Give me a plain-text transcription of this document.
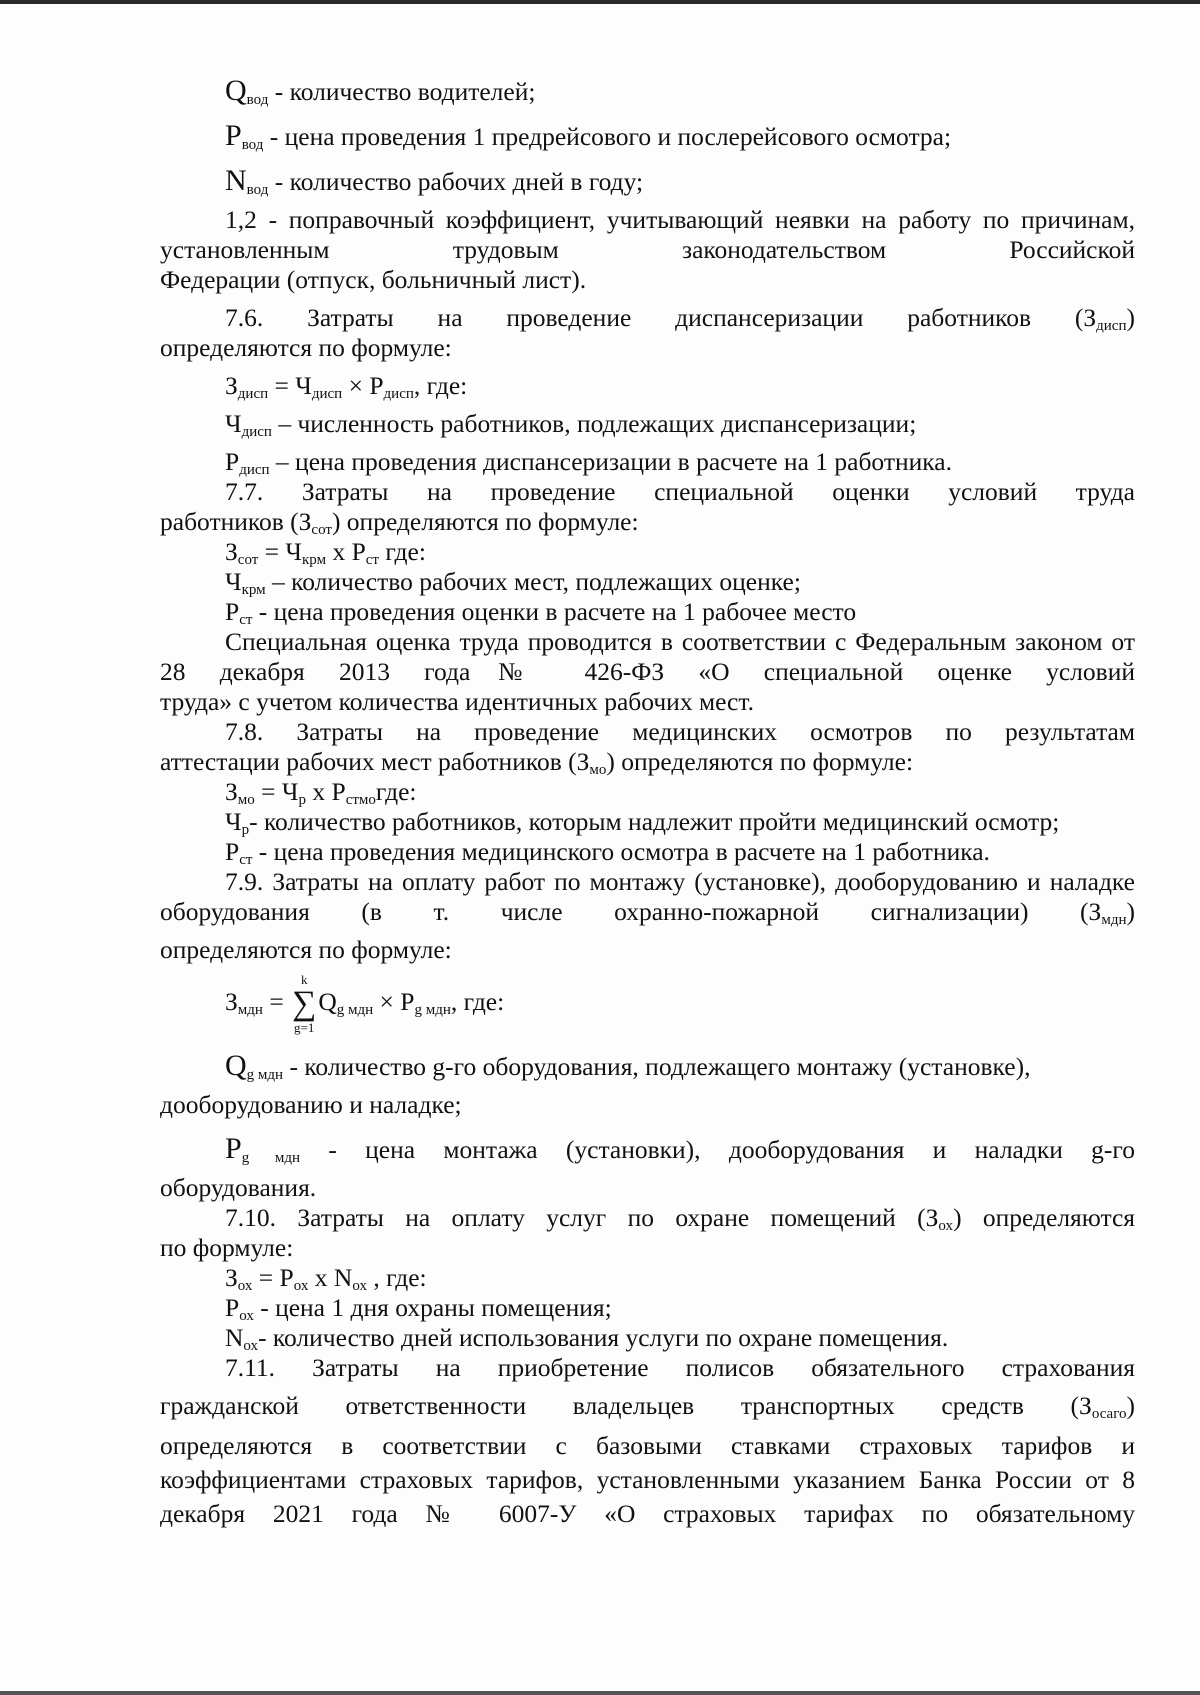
$Q_{вод}$ - количество водителей;
$P_{вод}$ - цена проведения 1 предрейсового и послерейсового осмотра;
$N_{вод}$ - количество рабочих дней в году;
1,2 - поправочный коэффициент, учитывающий неявки на работу по причинам, установленным трудовым законодательством Российской
Федерации (отпуск, больничный лист).
7.6. Затраты на проведение диспансеризации работников $(З_{дисп})$
определяются по формуле:
$З_{дисп} = Ч_{дисп} \times P_{дисп}$, где:
$Ч_{дисп}$ – численность работников, подлежащих диспансеризации;
$P_{дисп}$ – цена проведения диспансеризации в расчете на 1 работника.
7.7. Затраты на проведение специальной оценки условий труда
работников $(З_{сот})$ определяются по формуле:
$З_{сот} = Ч_{крм}$ х $P_{ст}$ где:
$Ч_{крм}$ – количество рабочих мест, подлежащих оценке;
$P_{ст}$ - цена проведения оценки в расчете на 1 рабочее место
Специальная оценка труда проводится в соответствии с Федеральным законом от 28 декабря 2013 года№ 426-ФЗ «О специальной оценке условий
труда» с учетом количества идентичных рабочих мест.
7.8. Затраты на проведение медицинских осмотров по результатам
аттестации рабочих мест работников $(З_{мо})$ определяются по формуле:
$З_{мо} = Ч_р$ х $P_{стмо}где$:
$Ч_р-$ количество работников, которым надлежит пройти медицинский осмотр;
$P_{ст}$ - цена проведения медицинского осмотра в расчете на 1 работника.
7.9. Затраты на оплату работ по монтажу (установке), дооборудованию и наладке оборудования (в т. числе охранно-пожарной сигнализации) $(З_{мдн})$
определяются по формуле:
$З_{мдн}$ =
k
∑
g=1
$Q_{g мдн} \times P_{g мдн}$, где:
$Q_{g мдн}$ - количество g-го оборудования, подлежащего монтажу (установке),
дооборудованию и наладке;
$P_{g мдн}$ - цена монтажа (установки), дооборудования и наладки g-го
оборудования.
7.10. Затраты на оплату услуг по охране помещений $(З_{ох})$ определяются
по формуле:
$З_{ох} = P_{ох}$ х $N_{ох}$ , где:
$P_{ох}$ - цена 1 дня охраны помещения;
$N_{ох}-$ количество дней использования услуги по охране помещения.
7.11. Затраты на приобретение полисов обязательного страхования
гражданской ответственности владельцев транспортных средств $(З_{осаго})$
определяются в соответствии с базовыми ставками страховых тарифов и коэффициентами страховых тарифов, установленными указанием Банка России от 8 декабря 2021 года № 6007-У «О страховых тарифах по обязательному
